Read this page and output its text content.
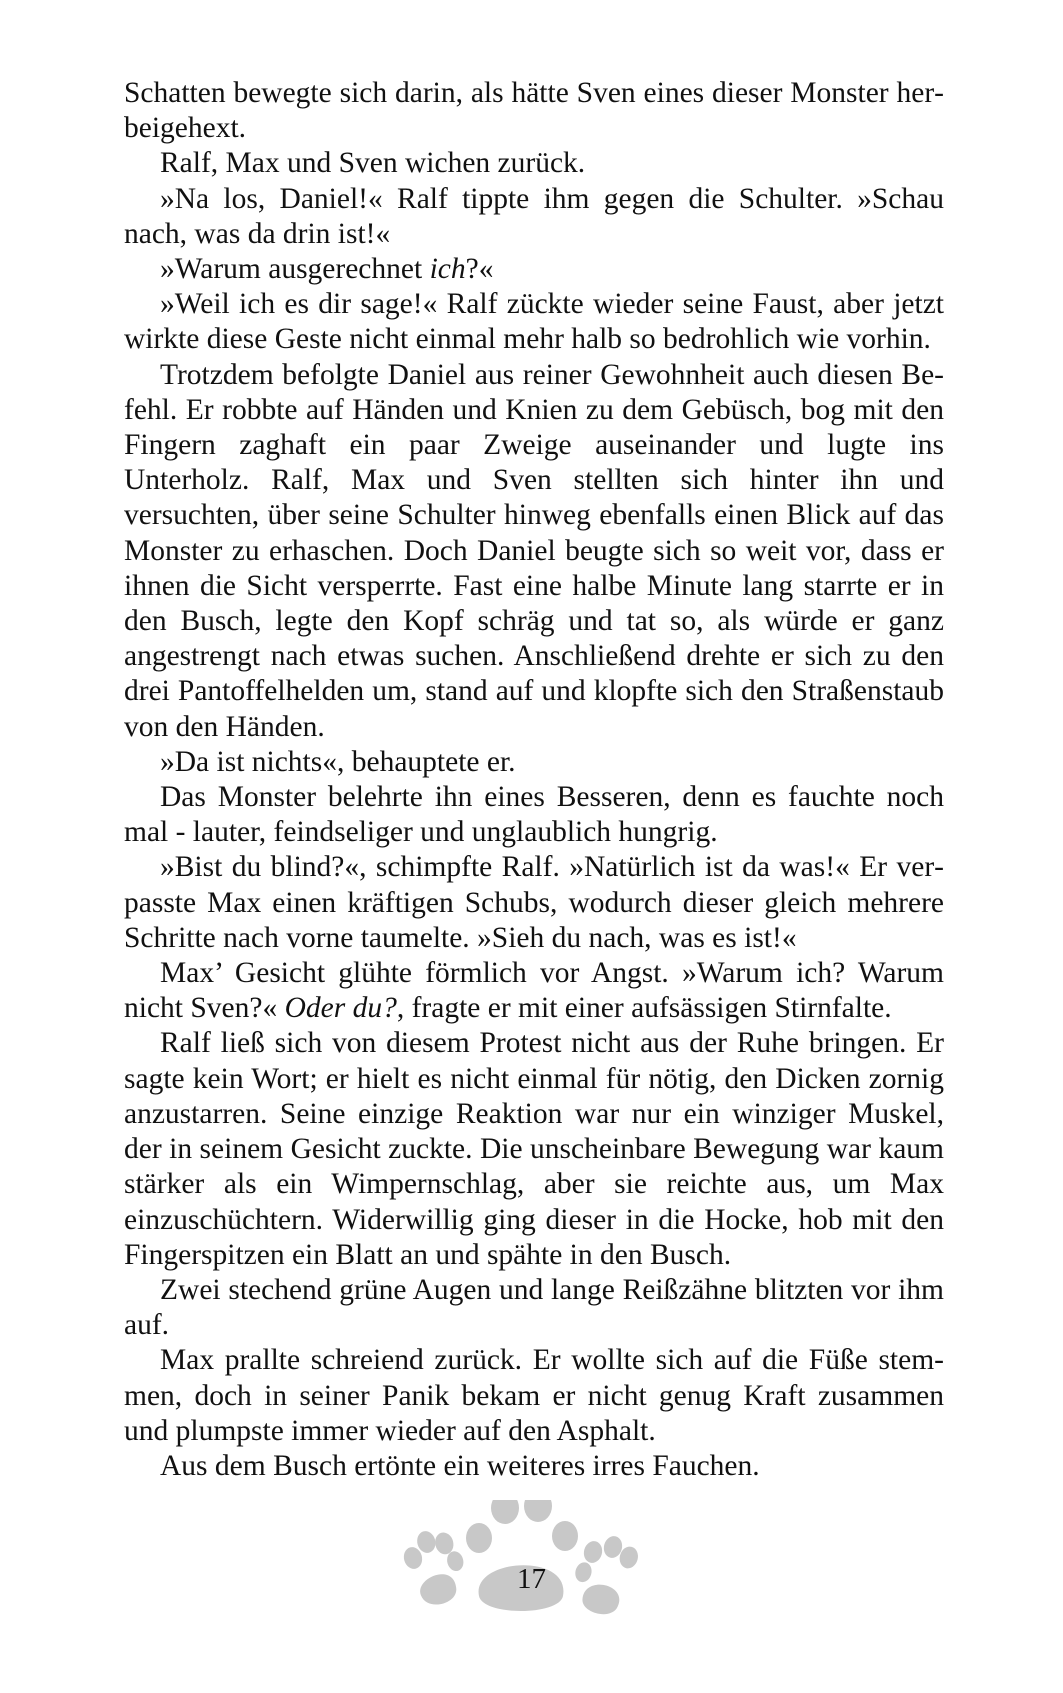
Schatten bewegte sich darin, als hätte Sven eines dieser Monster herbeigehext.

Ralf, Max und Sven wichen zurück.

»Na los, Daniel!« Ralf tippte ihm gegen die Schulter. »Schau nach, was da drin ist!«

»Warum ausgerechnet ich?«

»Weil ich es dir sage!« Ralf zückte wieder seine Faust, aber jetzt wirkte diese Geste nicht einmal mehr halb so bedrohlich wie vorhin.

Trotzdem befolgte Daniel aus reiner Gewohnheit auch diesen Befehl. Er robbte auf Händen und Knien zu dem Gebüsch, bog mit den Fingern zaghaft ein paar Zweige auseinander und lugte ins Unterholz. Ralf, Max und Sven stellten sich hinter ihn und versuchten, über seine Schulter hinweg ebenfalls einen Blick auf das Monster zu erhaschen. Doch Daniel beugte sich so weit vor, dass er ihnen die Sicht versperrte. Fast eine halbe Minute lang starrte er in den Busch, legte den Kopf schräg und tat so, als würde er ganz angestrengt nach etwas suchen. Anschließend drehte er sich zu den drei Pantoffelhelden um, stand auf und klopfte sich den Straßenstaub von den Händen.

»Da ist nichts«, behauptete er.

Das Monster belehrte ihn eines Besseren, denn es fauchte noch mal - lauter, feindseliger und unglaublich hungrig.

»Bist du blind?«, schimpfte Ralf. »Natürlich ist da was!« Er verpasste Max einen kräftigen Schubs, wodurch dieser gleich mehrere Schritte nach vorne taumelte. »Sieh du nach, was es ist!«

Max’ Gesicht glühte förmlich vor Angst. »Warum ich? Warum nicht Sven?« Oder du?, fragte er mit einer aufsässigen Stirnfalte.

Ralf ließ sich von diesem Protest nicht aus der Ruhe bringen. Er sagte kein Wort; er hielt es nicht einmal für nötig, den Dicken zornig anzustarren. Seine einzige Reaktion war nur ein winziger Muskel, der in seinem Gesicht zuckte. Die unscheinbare Bewegung war kaum stärker als ein Wimpernschlag, aber sie reichte aus, um Max einzuschüchtern. Widerwillig ging dieser in die Hocke, hob mit den Fingerspitzen ein Blatt an und spähte in den Busch.

Zwei stechend grüne Augen und lange Reißzähne blitzten vor ihm auf.

Max prallte schreiend zurück. Er wollte sich auf die Füße stemmen, doch in seiner Panik bekam er nicht genug Kraft zusammen und plumpste immer wieder auf den Asphalt.

Aus dem Busch ertönte ein weiteres irres Fauchen.

17
